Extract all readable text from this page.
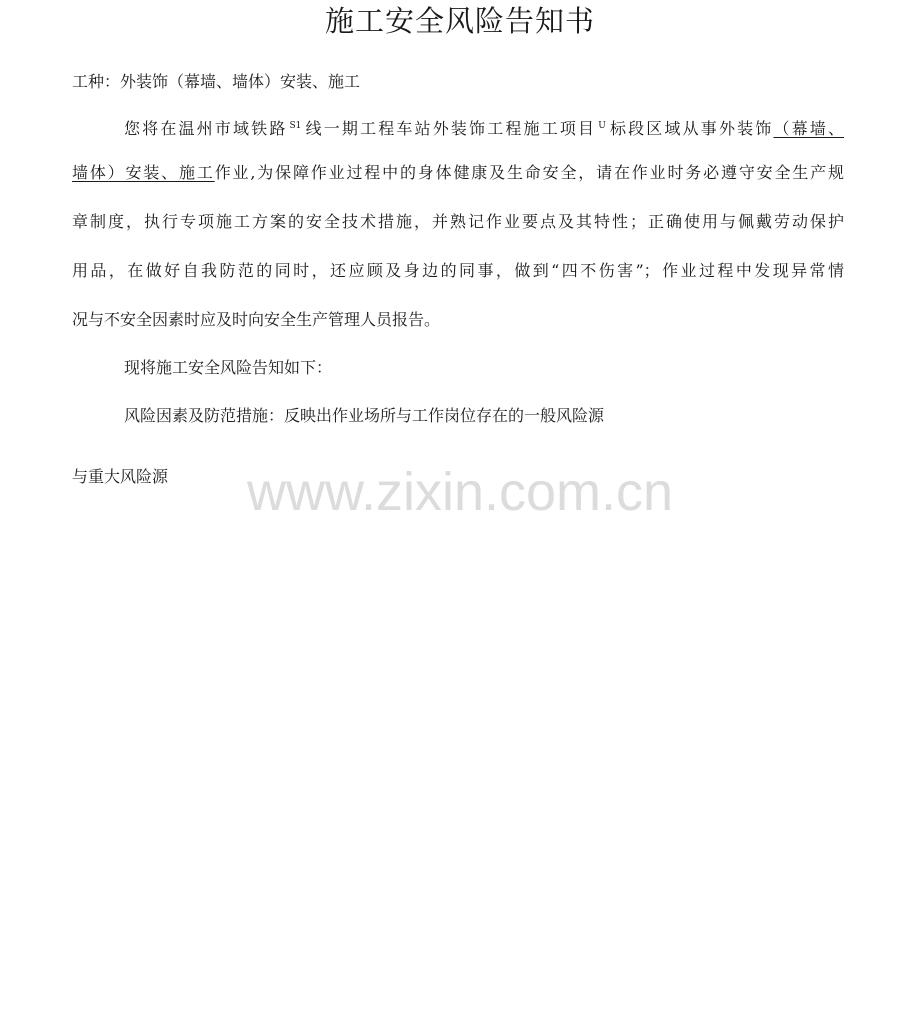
施工安全风险告知书
工种：外装饰（幕墙、墙体）安装、施工
您将在温州市域铁路 $^{S1}$ 线一期工程车站外装饰工程施工项目 $^U$ 标段区域从事外装饰（幕墙、
墙体）安装、施工作业,为保障作业过程中的身体健康及生命安全，请在作业时务必遵守安全生产规
章制度，执行专项施工方案的安全技术措施，并熟记作业要点及其特性；正确使用与佩戴劳动保护
用品，在做好自我防范的同时，还应顾及身边的同事，做到“四不伤害”；作业过程中发现异常情
况与不安全因素时应及时向安全生产管理人员报告。
现将施工安全风险告知如下：
风险因素及防范措施：反映出作业场所与工作岗位存在的一般风险源
与重大风险源	www.zixin.com.cn
